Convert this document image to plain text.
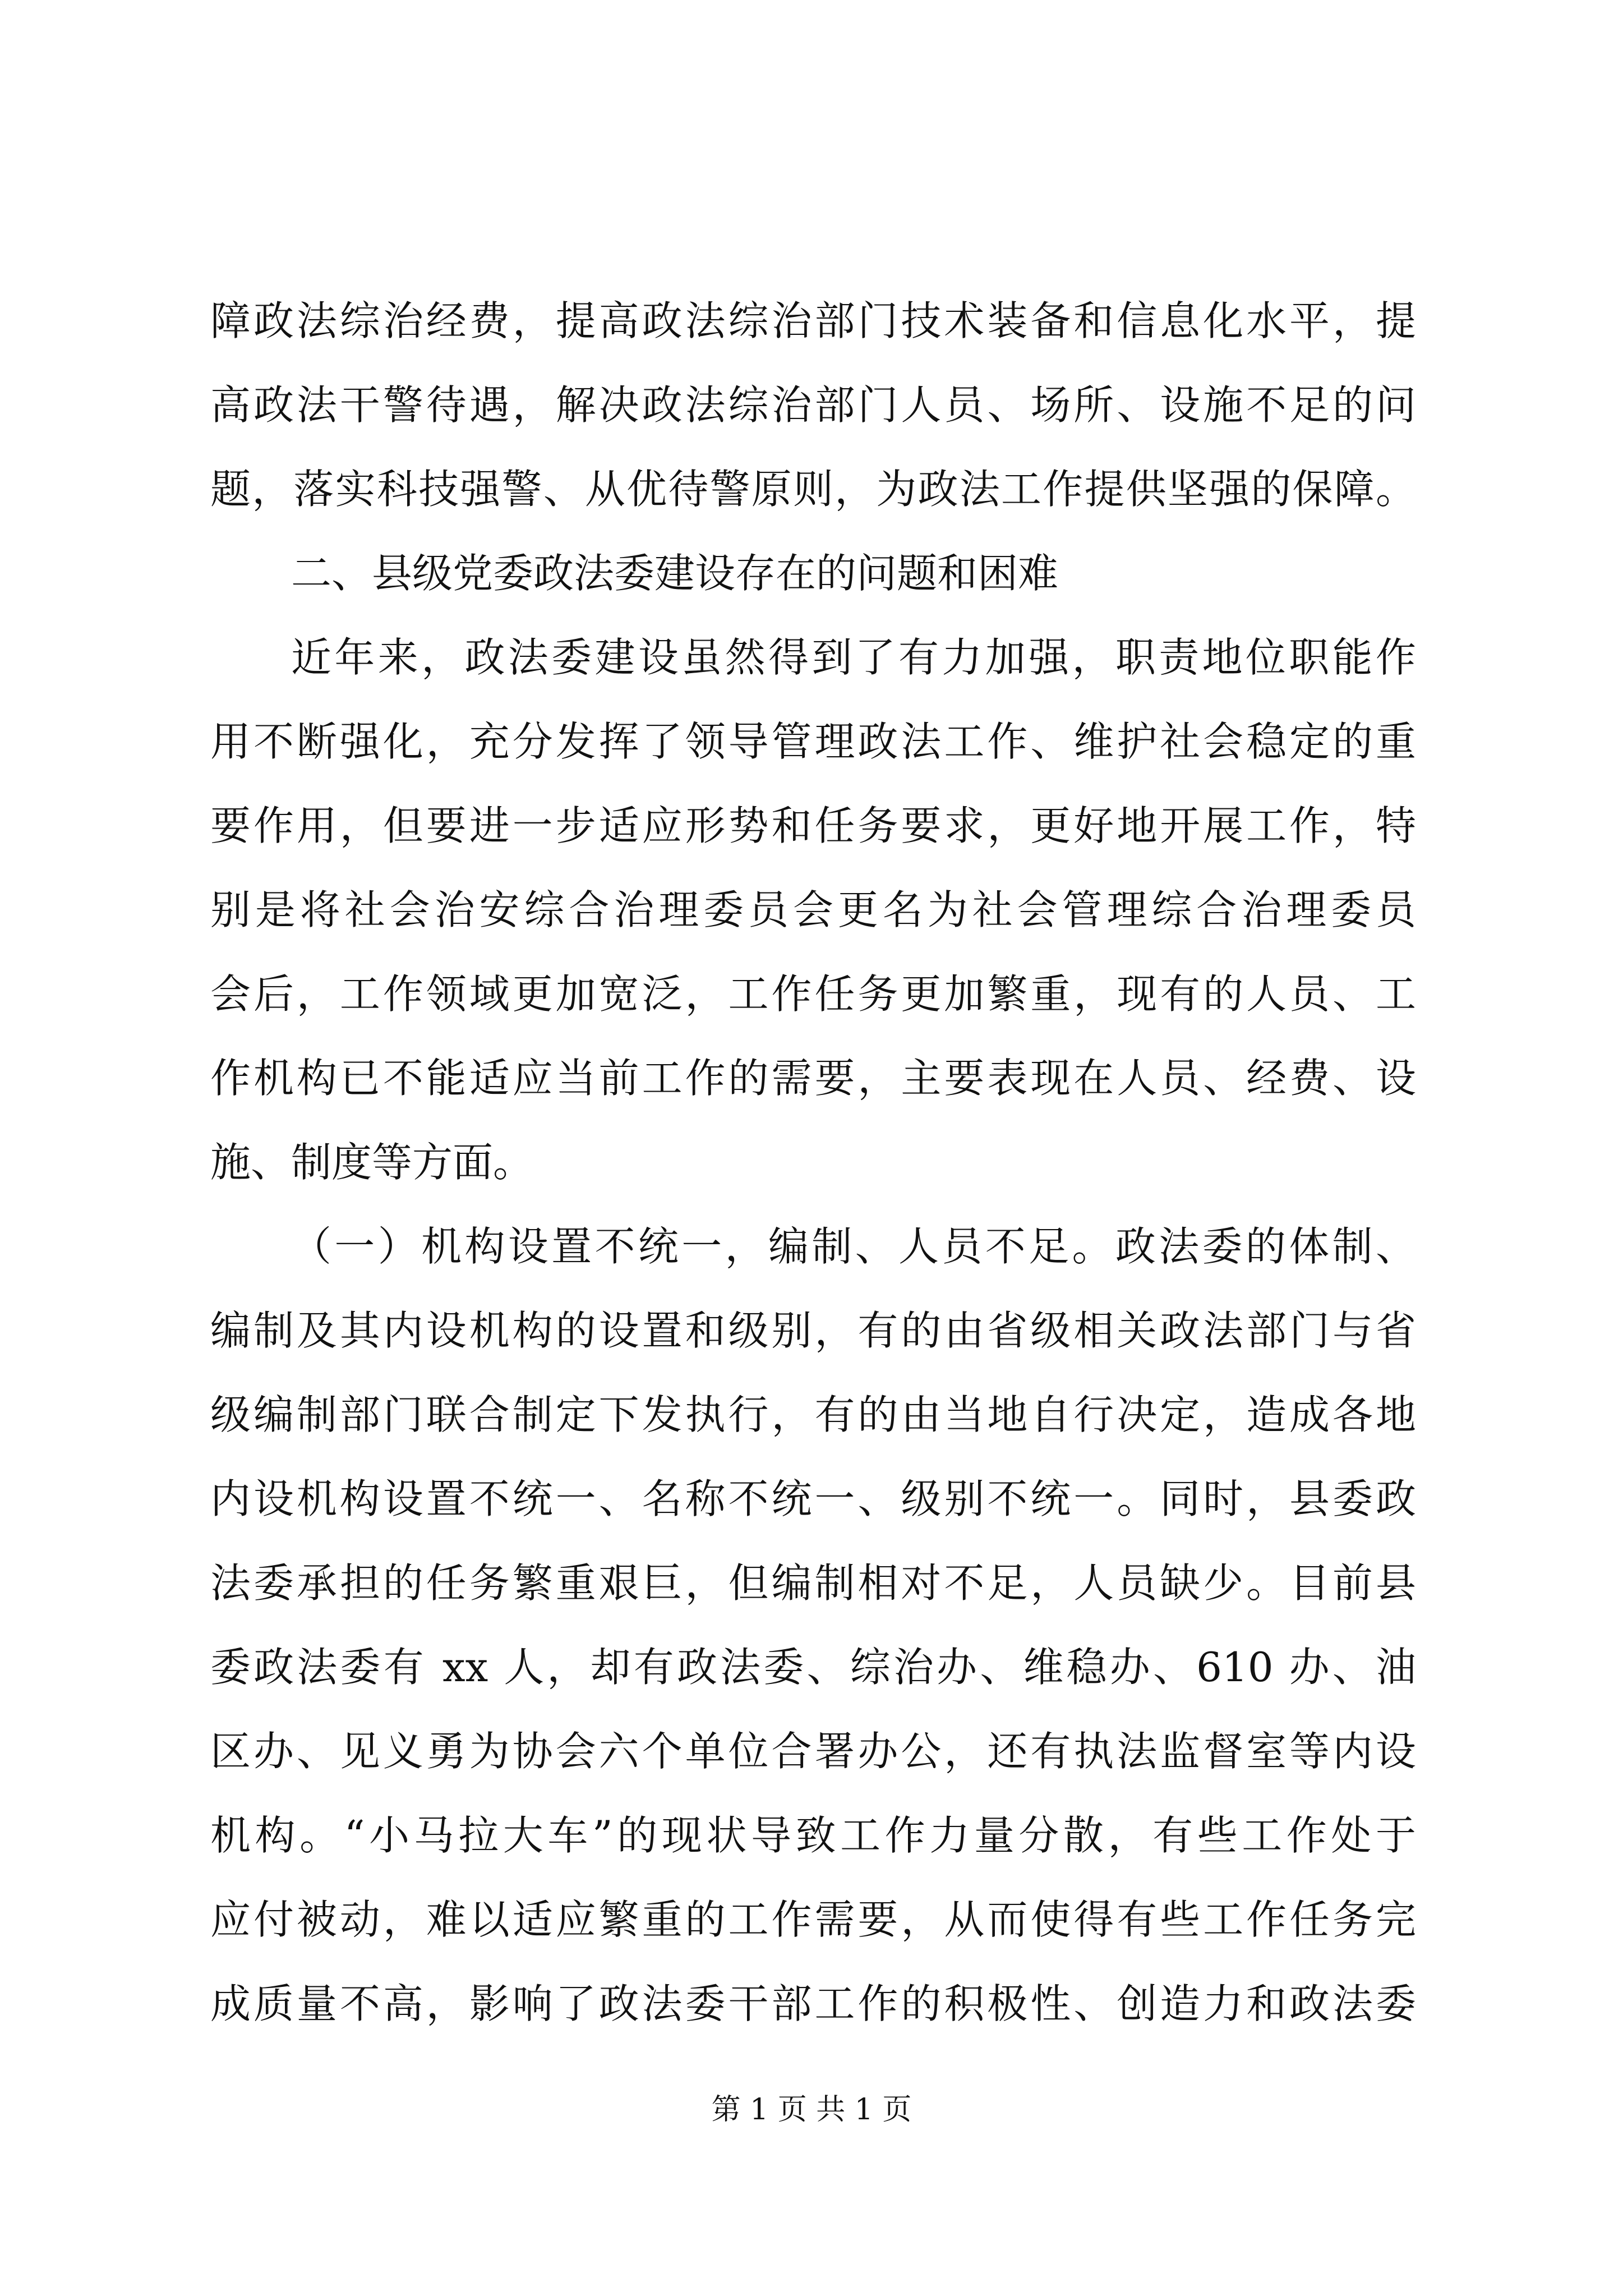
障政法综治经费，提高政法综治部门技术装备和信息化水平，提
高政法干警待遇，解决政法综治部门人员、场所、设施不足的问
题，落实科技强警、从优待警原则，为政法工作提供坚强的保障。
二、县级党委政法委建设存在的问题和困难
近年来，政法委建设虽然得到了有力加强，职责地位职能作
用不断强化，充分发挥了领导管理政法工作、维护社会稳定的重
要作用，但要进一步适应形势和任务要求，更好地开展工作，特
别是将社会治安综合治理委员会更名为社会管理综合治理委员
会后，工作领域更加宽泛，工作任务更加繁重，现有的人员、工
作机构已不能适应当前工作的需要，主要表现在人员、经费、设
施、制度等方面。
（一）机构设置不统一，编制、人员不足。政法委的体制、
编制及其内设机构的设置和级别，有的由省级相关政法部门与省
级编制部门联合制定下发执行，有的由当地自行决定，造成各地
内设机构设置不统一、名称不统一、级别不统一。同时，县委政
法委承担的任务繁重艰巨，但编制相对不足，人员缺少。目前县
委政法委有 xx 人，却有政法委、综治办、维稳办、610 办、油
区办、见义勇为协会六个单位合署办公，还有执法监督室等内设
机构。“小马拉大车”的现状导致工作力量分散，有些工作处于
应付被动，难以适应繁重的工作需要，从而使得有些工作任务完
成质量不高，影响了政法委干部工作的积极性、创造力和政法委
第 1 页 共 1 页
